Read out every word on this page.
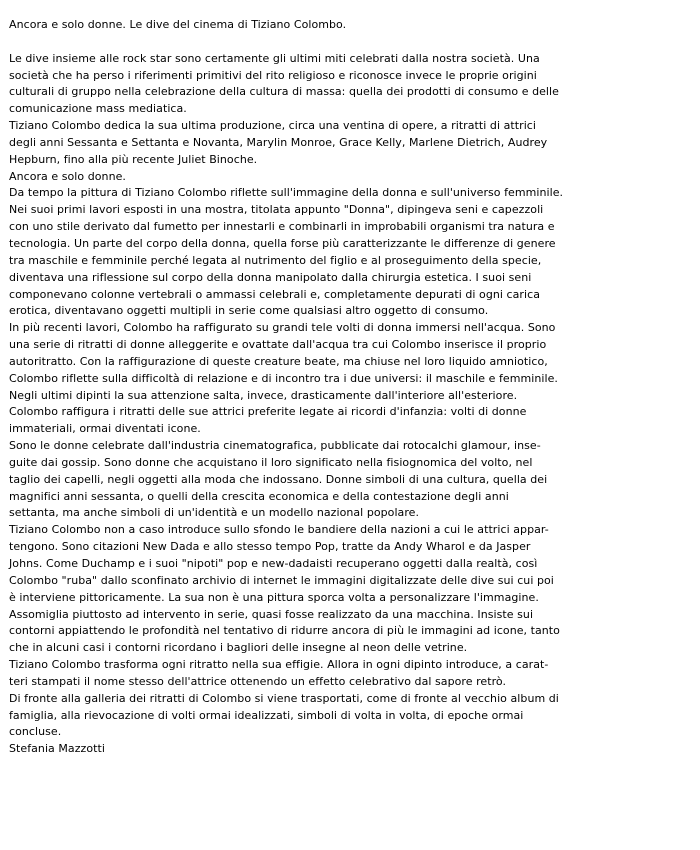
Ancora e solo donne. Le dive del cinema di Tiziano Colombo.
Le dive insieme alle rock star sono certamente gli ultimi miti celebrati dalla nostra società. Una
società che ha perso i riferimenti primitivi del rito religioso e riconosce invece le proprie origini
culturali di gruppo nella celebrazione della cultura di massa: quella dei prodotti di consumo e delle
comunicazione mass mediatica.
Tiziano Colombo dedica la sua ultima produzione, circa una ventina di opere, a ritratti di attrici
degli anni Sessanta e Settanta e Novanta, Marylin Monroe, Grace Kelly, Marlene Dietrich, Audrey
Hepburn, fino alla più recente Juliet Binoche.
Ancora e solo donne.
Da tempo la pittura di Tiziano Colombo riflette sull'immagine della donna e sull'universo femminile.
Nei suoi primi lavori esposti in una mostra, titolata appunto "Donna", dipingeva seni e capezzoli
con uno stile derivato dal fumetto per innestarli e combinarli in improbabili organismi tra natura e
tecnologia. Un parte del corpo della donna, quella forse più caratterizzante le differenze di genere
tra maschile e femminile perché legata al nutrimento del figlio e al proseguimento della specie,
diventava una riflessione sul corpo della donna manipolato dalla chirurgia estetica. I suoi seni
componevano colonne vertebrali o ammassi celebrali e, completamente depurati di ogni carica
erotica, diventavano oggetti multipli in serie come qualsiasi altro oggetto di consumo.
In più recenti lavori, Colombo ha raffigurato su grandi tele volti di donna immersi nell'acqua. Sono
una serie di ritratti di donne alleggerite e ovattate dall'acqua tra cui Colombo inserisce il proprio
autoritratto. Con la raffigurazione di queste creature beate, ma chiuse nel loro liquido amniotico,
Colombo riflette sulla difficoltà di relazione e di incontro tra i due universi: il maschile e femminile.
Negli ultimi dipinti la sua attenzione salta, invece, drasticamente dall'interiore all'esteriore.
Colombo raffigura i ritratti delle sue attrici preferite legate ai ricordi d'infanzia: volti di donne
immateriali, ormai diventati icone.
Sono le donne celebrate dall'industria cinematografica, pubblicate dai rotocalchi glamour, inse-
guite dai gossip. Sono donne che acquistano il loro significato nella fisiognomica del volto, nel
taglio dei capelli, negli oggetti alla moda che indossano. Donne simboli di una cultura, quella dei
magnifici anni sessanta, o quelli della crescita economica e della contestazione degli anni
settanta, ma anche simboli di un'identità e un modello nazional popolare.
Tiziano Colombo non a caso introduce sullo sfondo le bandiere della nazioni a cui le attrici appar-
tengono. Sono citazioni New Dada e allo stesso tempo Pop, tratte da Andy Wharol e da Jasper
Johns. Come Duchamp e i suoi "nipoti" pop e new-dadaisti recuperano oggetti dalla realtà, così
Colombo "ruba" dallo sconfinato archivio di internet le immagini digitalizzate delle dive sui cui poi
è interviene pittoricamente. La sua non è una pittura sporca volta a personalizzare l'immagine.
Assomiglia piuttosto ad intervento in serie, quasi fosse realizzato da una macchina. Insiste sui
contorni appiattendo le profondità nel tentativo di ridurre ancora di più le immagini ad icone, tanto
che in alcuni casi i contorni ricordano i bagliori delle insegne al neon delle vetrine.
Tiziano Colombo trasforma ogni ritratto nella sua effigie. Allora in ogni dipinto introduce, a carat-
teri stampati il nome stesso dell'attrice ottenendo un effetto celebrativo dal sapore retrò.
Di fronte alla galleria dei ritratti di Colombo si viene trasportati, come di fronte al vecchio album di
famiglia, alla rievocazione di volti ormai idealizzati, simboli di volta in volta, di epoche ormai
concluse.
Stefania Mazzotti
